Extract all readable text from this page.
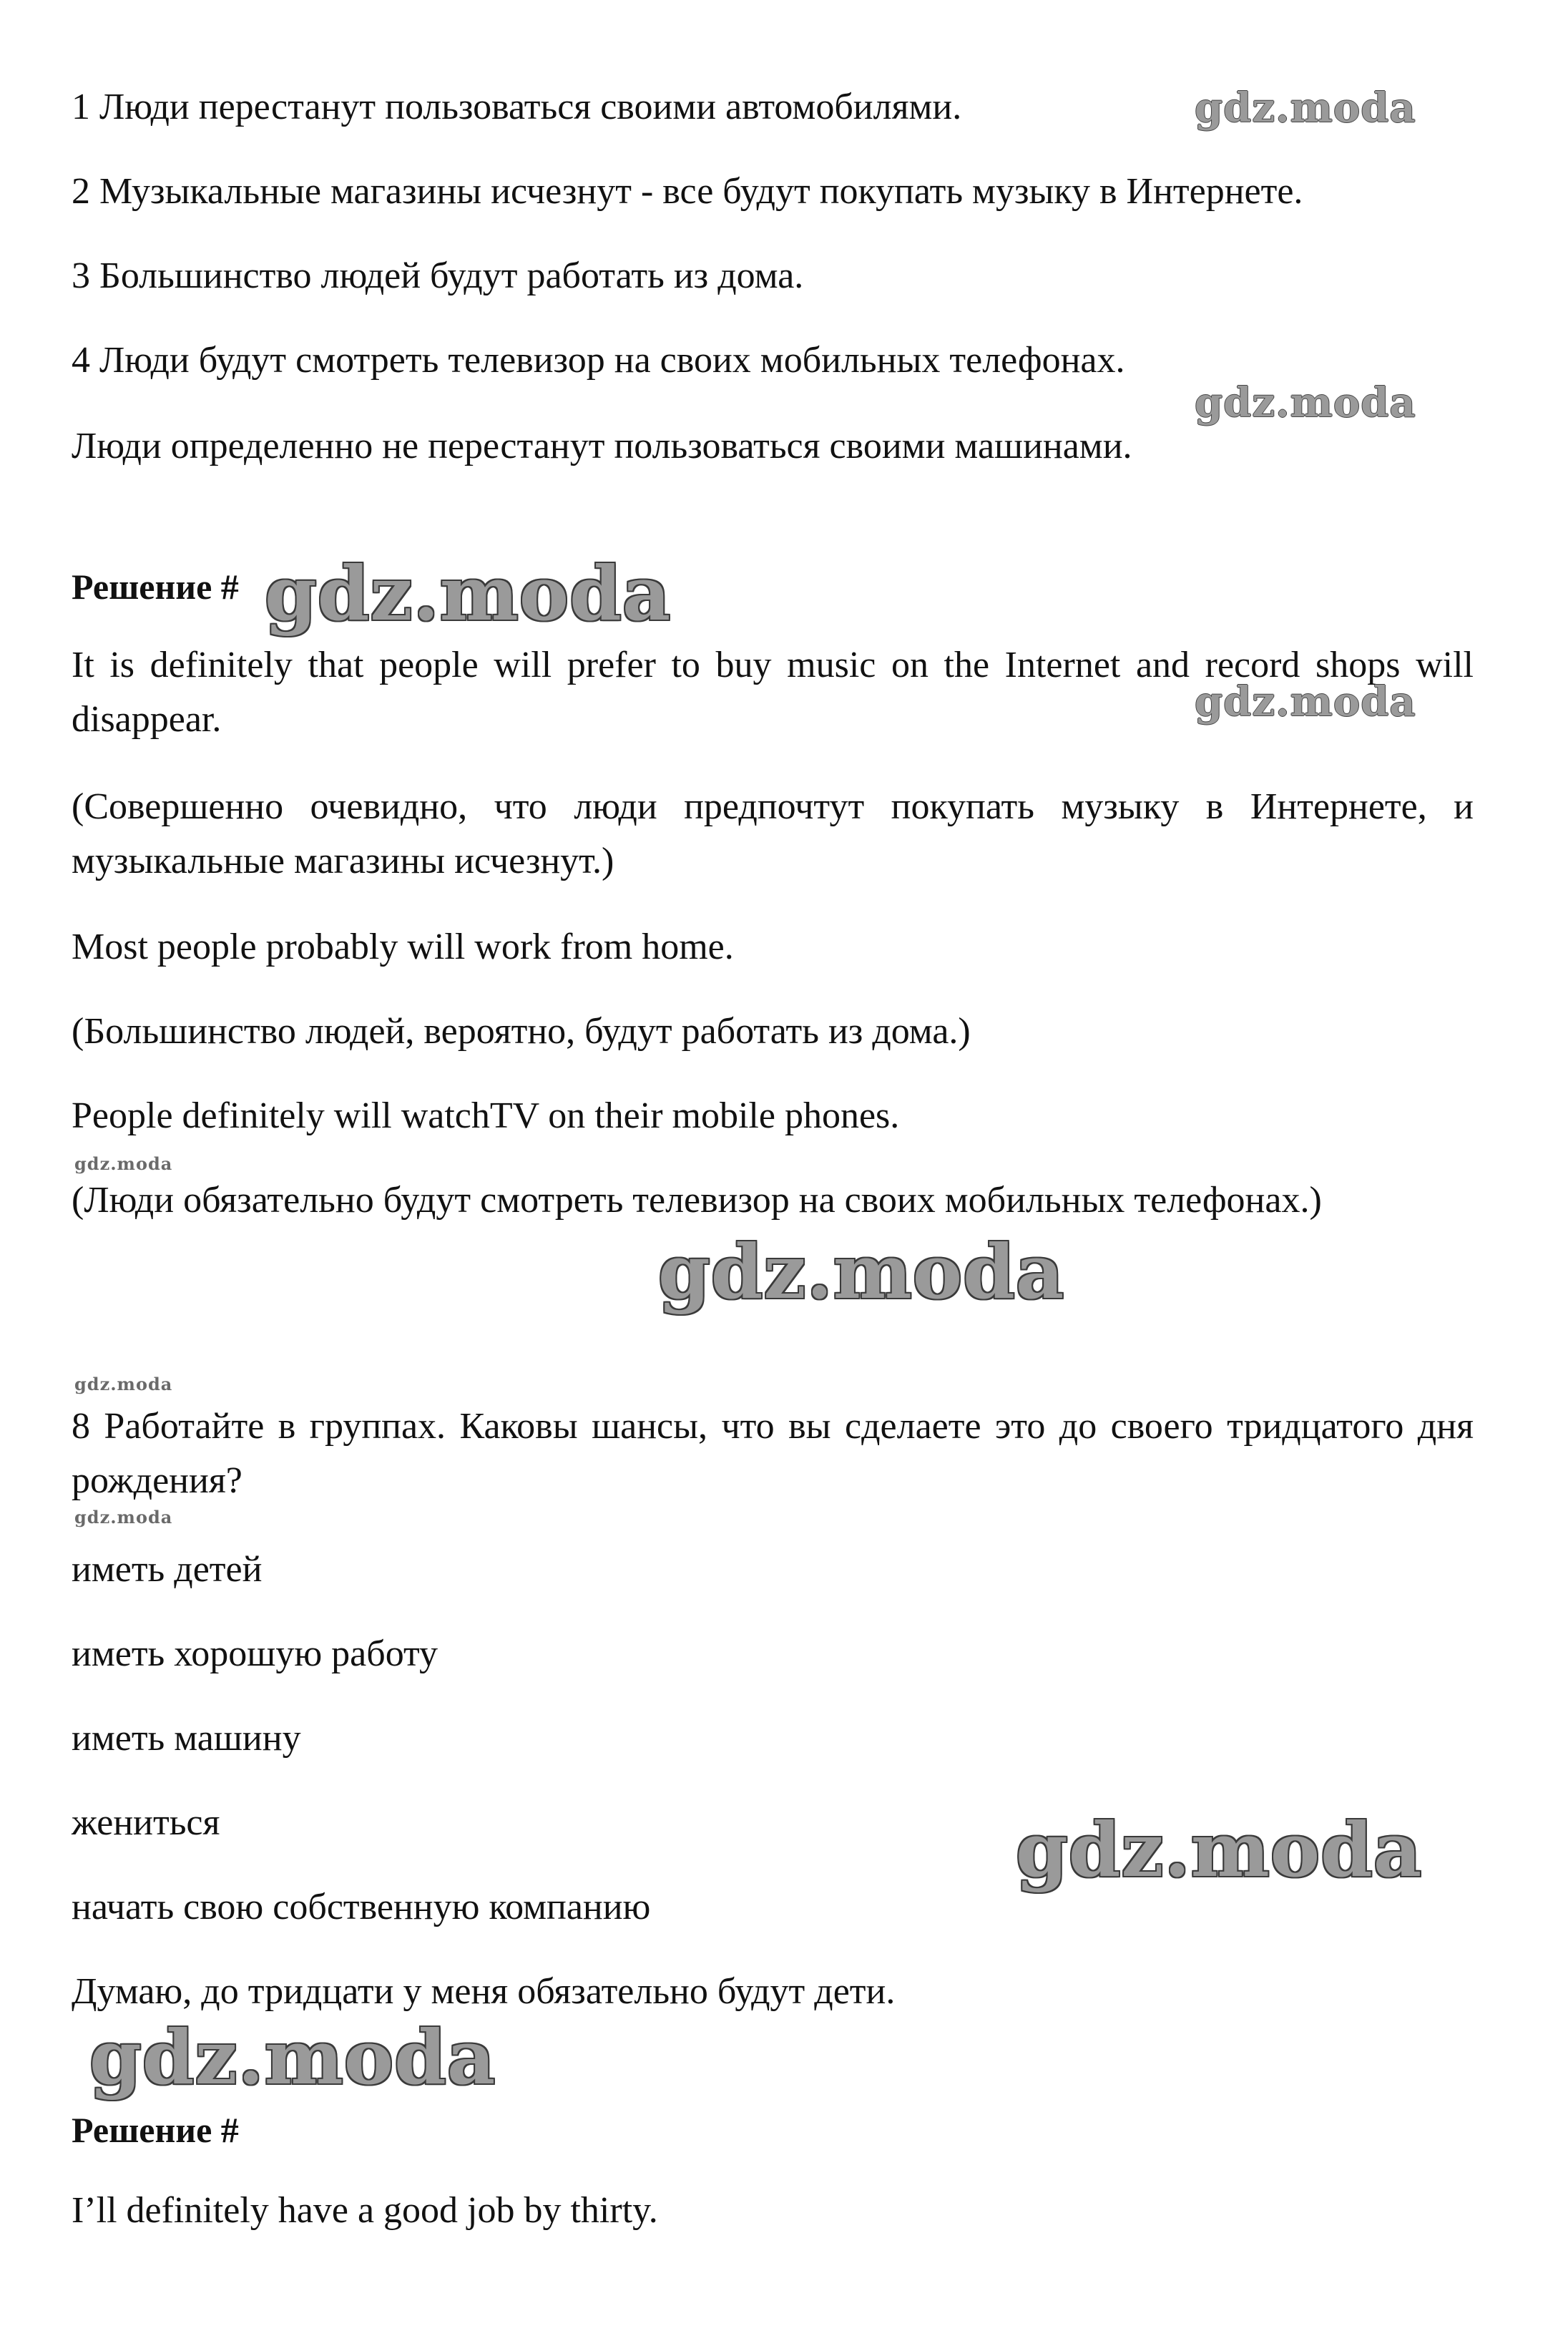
1 Люди перестанут пользоваться своими автомобилями.
2 Музыкальные магазины исчезнут - все будут покупать музыку в Интернете.
3 Большинство людей будут работать из дома.
4 Люди будут смотреть телевизор на своих мобильных телефонах.
Люди определенно не перестанут пользоваться своими машинами.
Решение #
It is definitely that people will prefer to buy music on the Internet and record shops will disappear.
(Совершенно очевидно, что люди предпочтут покупать музыку в Интернете, и музыкальные магазины исчезнут.)
Most people probably will work from home.
(Большинство людей, вероятно, будут работать из дома.)
People definitely will watchTV on their mobile phones.
(Люди обязательно будут смотреть телевизор на своих мобильных телефонах.)
8 Работайте в группах. Каковы шансы, что вы сделаете это до своего тридцатого дня рождения?
иметь детей
иметь хорошую работу
иметь машину
жениться
начать свою собственную компанию
Думаю, до тридцати у меня обязательно будут дети.
Решение #
I’ll definitely have a good job by thirty.
gdz.moda
gdz.moda
gdz.moda
gdz.moda
gdz.moda
gdz.moda
gdz.moda
gdz.moda
gdz.moda
gdz.moda
